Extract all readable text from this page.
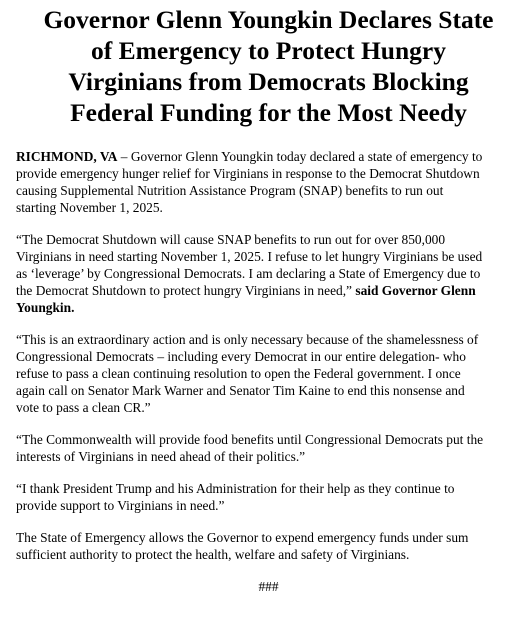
Governor Glenn Youngkin Declares State
of Emergency to Protect Hungry
Virginians from Democrats Blocking
Federal Funding for the Most Needy

RICHMOND, VA – Governor Glenn Youngkin today declared a state of emergency to
provide emergency hunger relief for Virginians in response to the Democrat Shutdown
causing Supplemental Nutrition Assistance Program (SNAP) benefits to run out
starting November 1, 2025.

“The Democrat Shutdown will cause SNAP benefits to run out for over 850,000
Virginians in need starting November 1, 2025. I refuse to let hungry Virginians be used
as ‘leverage’ by Congressional Democrats. I am declaring a State of Emergency due to
the Democrat Shutdown to protect hungry Virginians in need,” said Governor Glenn
Youngkin.

“This is an extraordinary action and is only necessary because of the shamelessness of
Congressional Democrats – including every Democrat in our entire delegation- who
refuse to pass a clean continuing resolution to open the Federal government. I once
again call on Senator Mark Warner and Senator Tim Kaine to end this nonsense and
vote to pass a clean CR.”

“The Commonwealth will provide food benefits until Congressional Democrats put the
interests of Virginians in need ahead of their politics.”

“I thank President Trump and his Administration for their help as they continue to
provide support to Virginians in need.”

The State of Emergency allows the Governor to expend emergency funds under sum
sufficient authority to protect the health, welfare and safety of Virginians.

###
